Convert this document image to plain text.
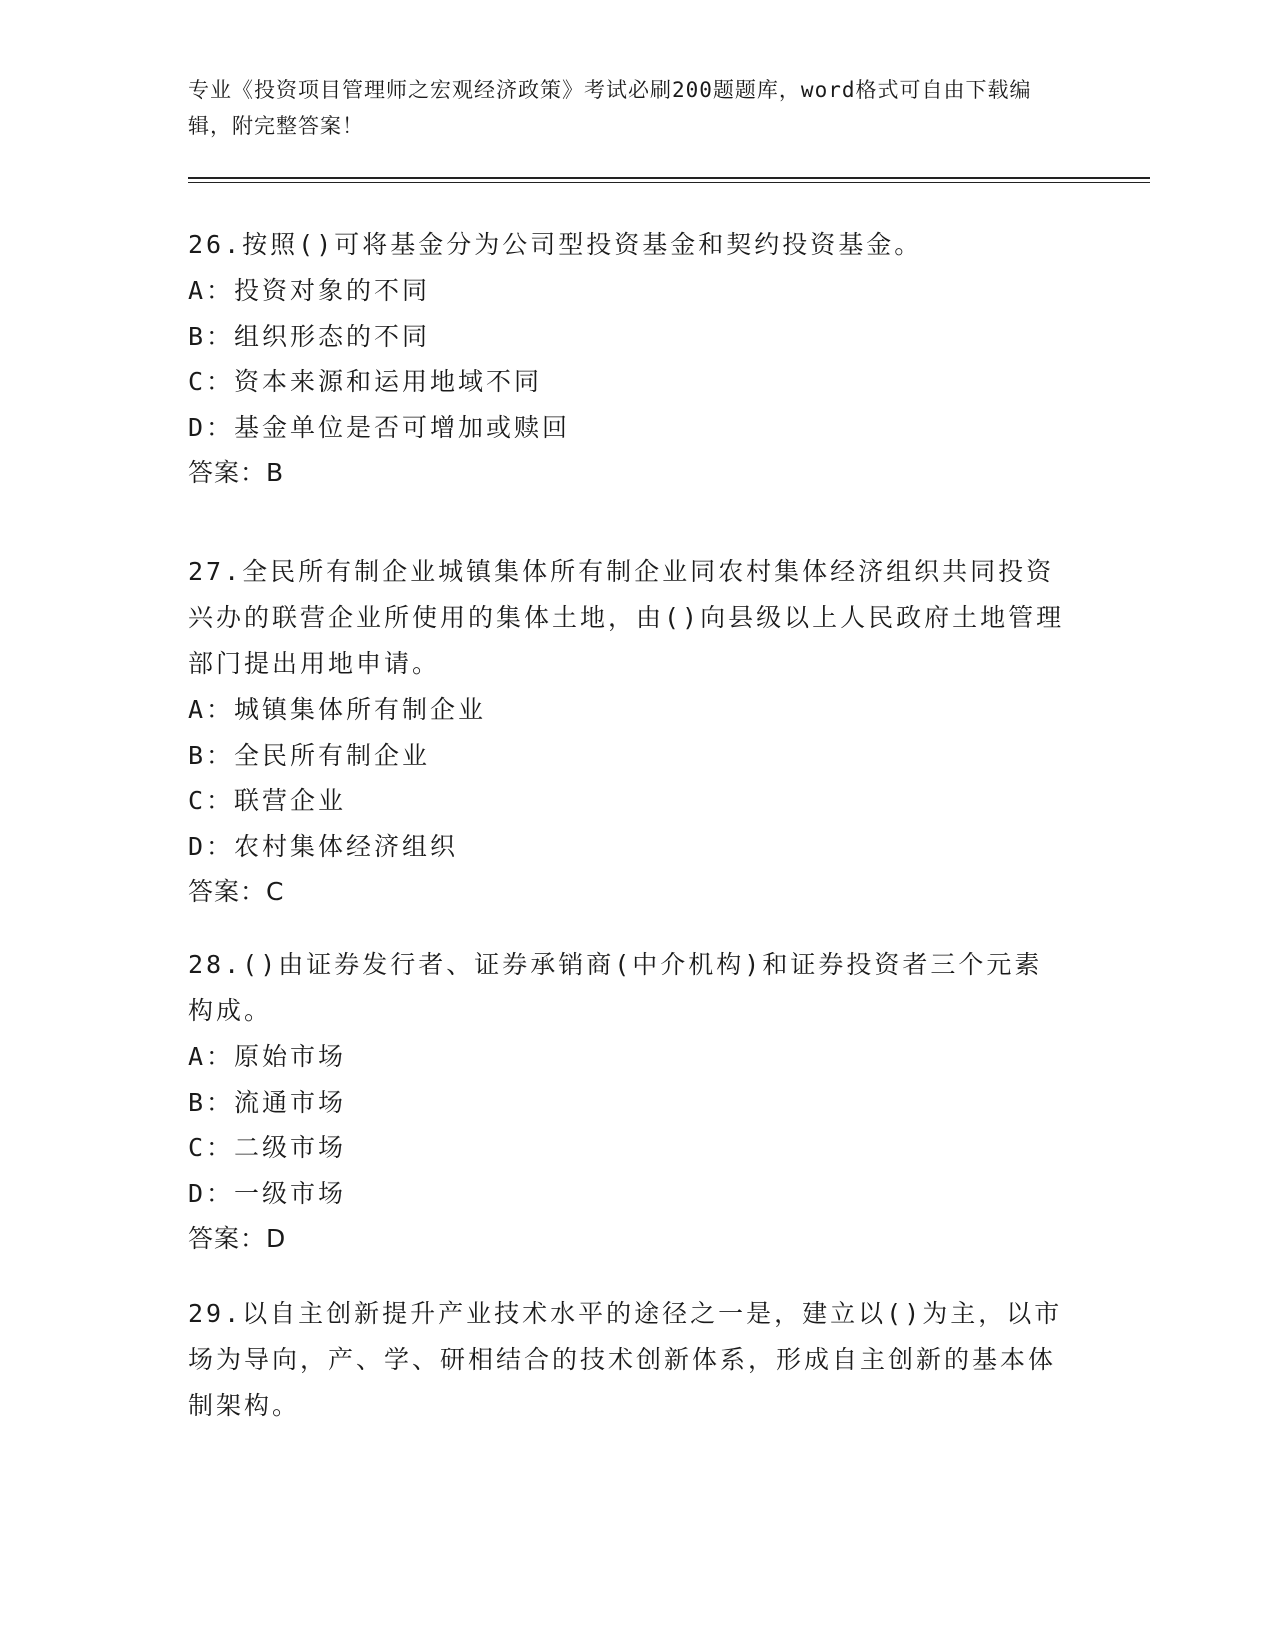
专业《投资项目管理师之宏观经济政策》考试必刷200题题库，word格式可自由下载编辑，附完整答案！
26.按照()可将基金分为公司型投资基金和契约投资基金。
A：投资对象的不同
B：组织形态的不同
C：资本来源和运用地域不同
D：基金单位是否可增加或赎回
答案：B
27.全民所有制企业城镇集体所有制企业同农村集体经济组织共同投资兴办的联营企业所使用的集体土地，由()向县级以上人民政府土地管理部门提出用地申请。
A：城镇集体所有制企业
B：全民所有制企业
C：联营企业
D：农村集体经济组织
答案：C
28.()由证券发行者、证券承销商(中介机构)和证券投资者三个元素构成。
A：原始市场
B：流通市场
C：二级市场
D：一级市场
答案：D
29.以自主创新提升产业技术水平的途径之一是，建立以()为主，以市场为导向，产、学、研相结合的技术创新体系，形成自主创新的基本体制架构。
